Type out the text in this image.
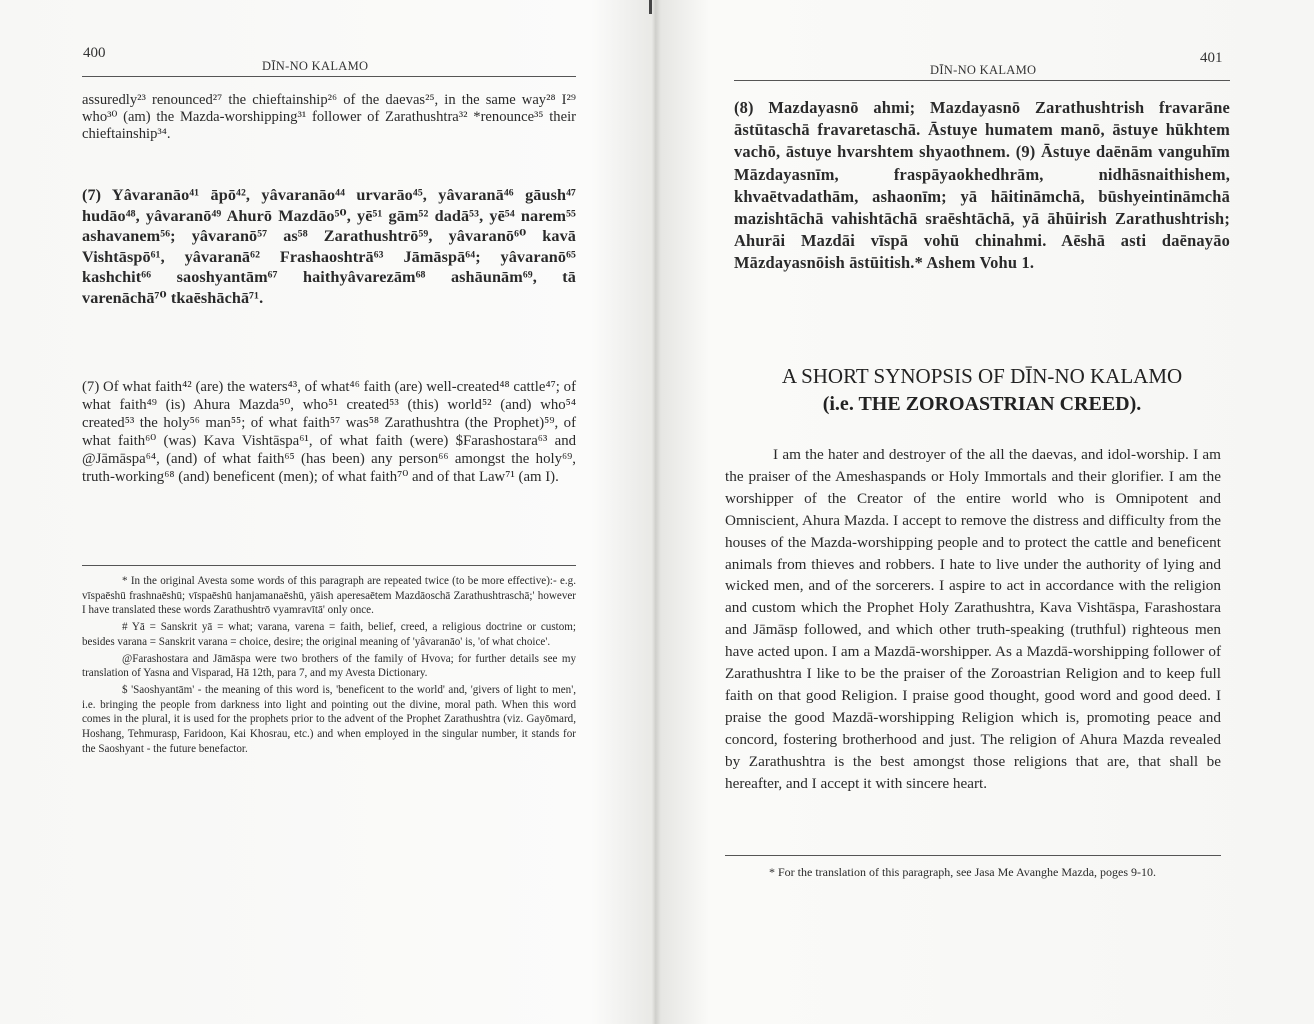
400
DĪN-NO KALAMO

assuredly²³ renounced²⁷ the chieftainship²⁶ of the daevas²⁵, in the same way²⁸ I²⁹ who³⁰ (am) the Mazda-worshipping³¹ follower of Zarathushtra³² *renounce³⁵ their chieftainship³⁴.

(7) Yâvaranāo⁴¹ āpō⁴², yâvaranāo⁴⁴ urvarāo⁴⁵, yâvaranā⁴⁶ gāush⁴⁷ hudāo⁴⁸, yâvaranō⁴⁹ Ahurō Mazdāo⁵⁰, yē⁵¹ gām⁵² dadā⁵³, yē⁵⁴ narem⁵⁵ ashavanem⁵⁶; yâvaranō⁵⁷ as⁵⁸ Zarathushtrō⁵⁹, yâvaranō⁶⁰ kavā Vishtāspō⁶¹, yâvaranā⁶² Frashaoshtrā⁶³ Jāmāspā⁶⁴; yâvaranō⁶⁵ kashchit⁶⁶ saoshyantām⁶⁷ haithyâvarezām⁶⁸ ashāunām⁶⁹, tā varenāchā⁷⁰ tkaēshāchā⁷¹.

(7) Of what faith⁴² (are) the waters⁴³, of what⁴⁶ faith (are) well-created⁴⁸ cattle⁴⁷; of what faith⁴⁹ (is) Ahura Mazda⁵⁰, who⁵¹ created⁵³ (this) world⁵² (and) who⁵⁴ created⁵³ the holy⁵⁶ man⁵⁵; of what faith⁵⁷ was⁵⁸ Zarathushtra (the Prophet)⁵⁹, of what faith⁶⁰ (was) Kava Vishtāspa⁶¹, of what faith (were) $Farashostara⁶³ and @Jāmāspa⁶⁴, (and) of what faith⁶⁵ (has been) any person⁶⁶ amongst the holy⁶⁹, truth-working⁶⁸ (and) beneficent (men); of what faith⁷⁰ and of that Law⁷¹ (am I).

* In the original Avesta some words of this paragraph are repeated twice (to be more effective):- e.g. vīspaēshū frashnaēshū; vīspaēshū hanjamanaēshū, yāish aperesaētem Mazdāoschā Zarathushtraschā;' however I have translated these words Zarathushtrō vyamravītā' only once.

# Yā = Sanskrit yā = what; varana, varena = faith, belief, creed, a religious doctrine or custom; besides varana = Sanskrit varana = choice, desire; the original meaning of 'yâvaranāo' is, 'of what choice'.

@Farashostara and Jāmāspa were two brothers of the family of Hvova; for further details see my translation of Yasna and Visparad, Hā 12th, para 7, and my Avesta Dictionary.

$ 'Saoshyantām' - the meaning of this word is, 'beneficent to the world' and, 'givers of light to men', i.e. bringing the people from darkness into light and pointing out the divine, moral path. When this word comes in the plural, it is used for the prophets prior to the advent of the Prophet Zarathushtra (viz. Gayōmard, Hoshang, Tehmurasp, Faridoon, Kai Khosrau, etc.) and when employed in the singular number, it stands for the Saoshyant - the future benefactor.

401
DĪN-NO KALAMO

(8) Mazdayasnō ahmi; Mazdayasnō Zarathushtrish fravarāne āstūtaschā fravaretaschā. Āstuye humatem manō, āstuye hūkhtem vachō, āstuye hvarshtem shyaothnem. (9) Āstuye daēnām vanguhīm Māzdayasnīm, fraspāyaokhedhrām, nidhāsnaithishem, khvaētvadathām, ashaonīm; yā hāitināmchā, būshyeintināmchā mazishtāchā vahishtāchā sraēshtāchā, yā āhūirish Zarathushtrish; Ahurāi Mazdāi vīspā vohū chinahmi. Aēshā asti daēnayāo Māzdayasnōish āstūitish.* Ashem Vohu 1.

A SHORT SYNOPSIS OF DĪN-NO KALAMO
(i.e. THE ZOROASTRIAN CREED).

I am the hater and destroyer of the all the daevas, and idol-worship. I am the praiser of the Ameshaspands or Holy Immortals and their glorifier. I am the worshipper of the Creator of the entire world who is Omnipotent and Omniscient, Ahura Mazda. I accept to remove the distress and difficulty from the houses of the Mazda-worshipping people and to protect the cattle and beneficent animals from thieves and robbers. I hate to live under the authority of lying and wicked men, and of the sorcerers. I aspire to act in accordance with the religion and custom which the Prophet Holy Zarathushtra, Kava Vishtāspa, Farashostara and Jāmāsp followed, and which other truth-speaking (truthful) righteous men have acted upon. I am a Mazdā-worshipper. As a Mazdā-worshipping follower of Zarathushtra I like to be the praiser of the Zoroastrian Religion and to keep full faith on that good Religion. I praise good thought, good word and good deed. I praise the good Mazdā-worshipping Religion which is, promoting peace and concord, fostering brotherhood and just. The religion of Ahura Mazda revealed by Zarathushtra is the best amongst those religions that are, that shall be hereafter, and I accept it with sincere heart.

* For the translation of this paragraph, see Jasa Me Avanghe Mazda, poges 9-10.
